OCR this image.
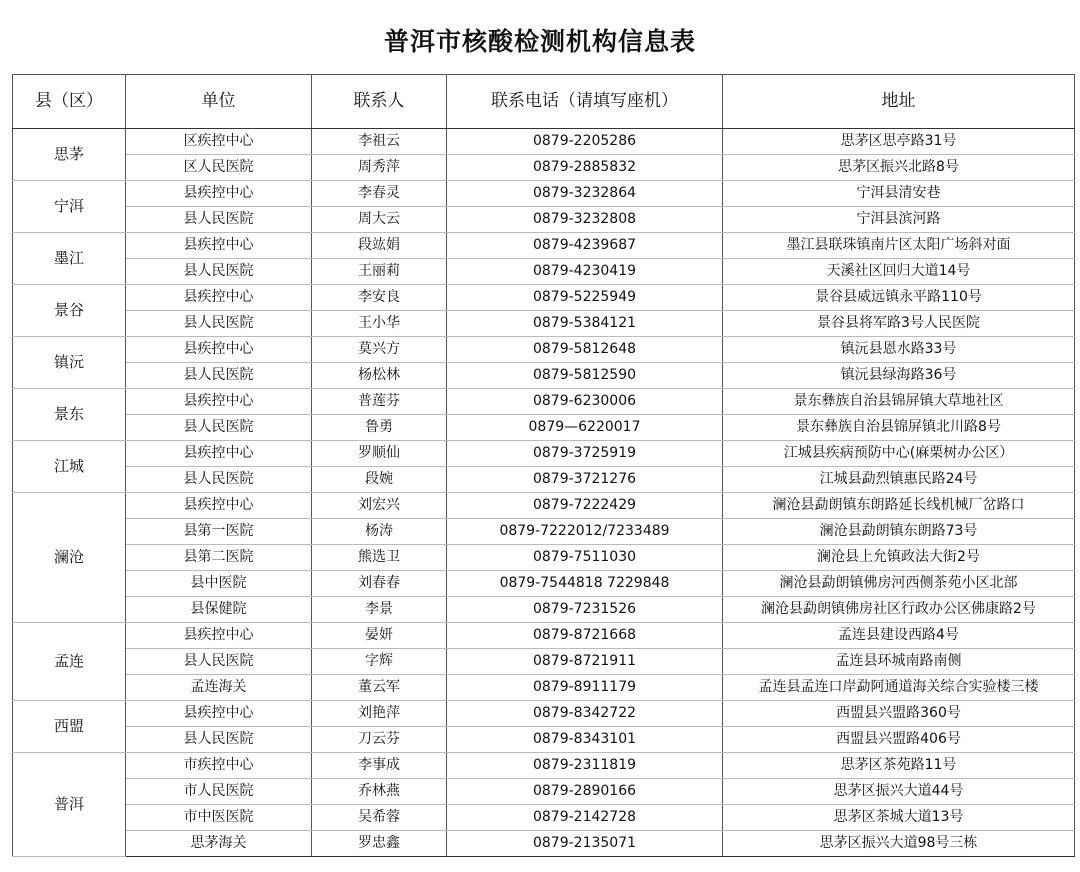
普洱市核酸检测机构信息表
县（区）	单位	联系人	联系电话（请填写座机）	地址
思茅	区疾控中心	李祖云	0879-2205286	思茅区思亭路31号
	区人民医院	周秀萍	0879-2885832	思茅区振兴北路8号
宁洱	县疾控中心	李春灵	0879-3232864	宁洱县清安巷
	县人民医院	周大云	0879-3232808	宁洱县滨河路
墨江	县疾控中心	段竑娟	0879-4239687	墨江县联珠镇南片区太阳广场斜对面
	县人民医院	王丽莉	0879-4230419	天溪社区回归大道14号
景谷	县疾控中心	李安良	0879-5225949	景谷县威远镇永平路110号
	县人民医院	王小华	0879-5384121	景谷县将军路3号人民医院
镇沅	县疾控中心	莫兴方	0879-5812648	镇沅县恩水路33号
	县人民医院	杨松林	0879-5812590	镇沅县绿海路36号
景东	县疾控中心	普莲芬	0879-6230006	景东彝族自治县锦屏镇大草地社区
	县人民医院	鲁勇	0879—6220017	景东彝族自治县锦屏镇北川路8号
江城	县疾控中心	罗顺仙	0879-3725919	江城县疾病预防中心(麻栗树办公区）
	县人民医院	段婉	0879-3721276	江城县勐烈镇惠民路24号
澜沧	县疾控中心	刘宏兴	0879-7222429	澜沧县勐朗镇东朗路延长线机械厂岔路口
	县第一医院	杨涛	0879-7222012/7233489	澜沧县勐朗镇东朗路73号
	县第二医院	熊选卫	0879-7511030	澜沧县上允镇政法大街2号
	县中医院	刘春春	0879-7544818 7229848	澜沧县勐朗镇佛房河西侧茶苑小区北部
	县保健院	李景	0879-7231526	澜沧县勐朗镇佛房社区行政办公区佛康路2号
孟连	县疾控中心	晏妍	0879-8721668	孟连县建设西路4号
	县人民医院	字辉	0879-8721911	孟连县环城南路南侧
	孟连海关	董云军	0879-8911179	孟连县孟连口岸勐阿通道海关综合实验楼三楼
西盟	县疾控中心	刘艳萍	0879-8342722	西盟县兴盟路360号
	县人民医院	刀云芬	0879-8343101	西盟县兴盟路406号
普洱	市疾控中心	李事成	0879-2311819	思茅区茶苑路11号
	市人民医院	乔林燕	0879-2890166	思茅区振兴大道44号
	市中医医院	吴希蓉	0879-2142728	思茅区茶城大道13号
	思茅海关	罗忠鑫	0879-2135071	思茅区振兴大道98号三栋
